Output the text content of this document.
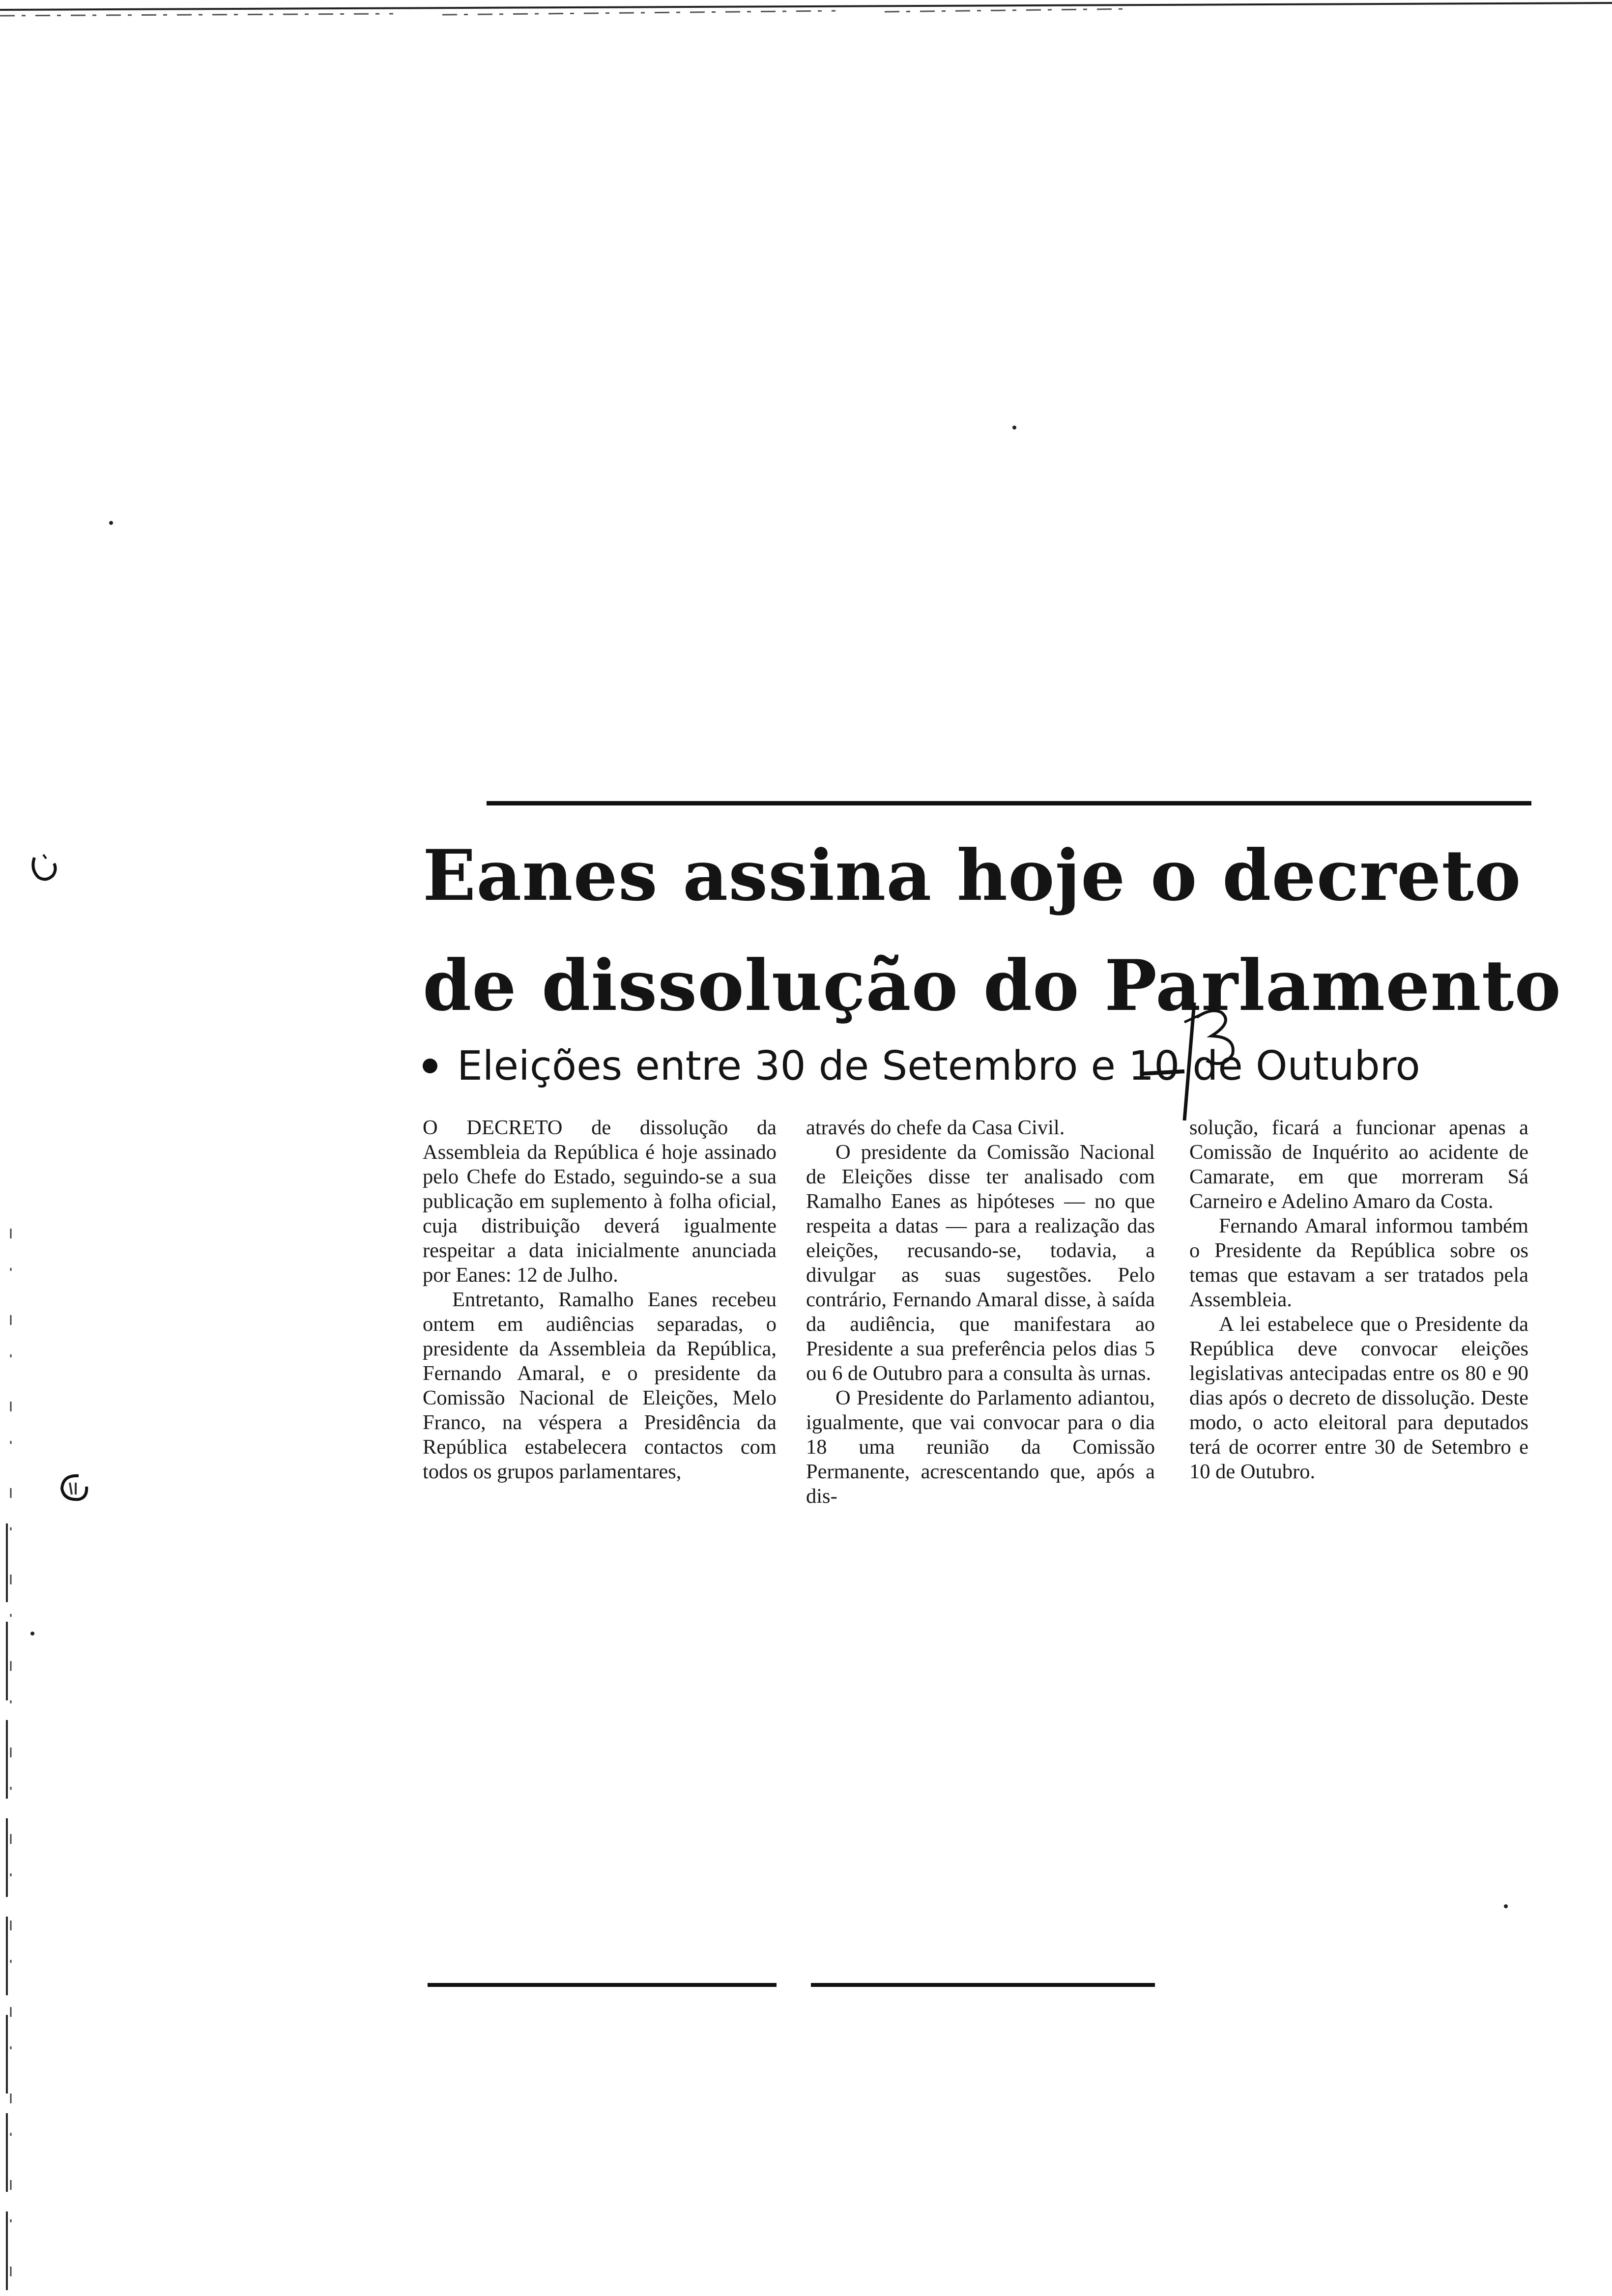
Eanes assina hoje o decreto
de dissolução do Parlamento
Eleições entre 30 de Setembro e 10 de Outubro

O DECRETO de dissolução da Assembleia da República é hoje assinado pelo Chefe do Estado, seguindo-se a sua publicação em suplemento à folha oficial, cuja distribuição deverá igualmente respeitar a data inicialmente anunciada por Eanes: 12 de Julho.

Entretanto, Ramalho Eanes recebeu ontem em audiências separadas, o presidente da Assembleia da República, Fernando Amaral, e o presidente da Comissão Nacional de Eleições, Melo Franco, na véspera a Presidência da República estabelecera contactos com todos os grupos parlamentares,

através do chefe da Casa Civil.

O presidente da Comissão Nacional de Eleições disse ter analisado com Ramalho Eanes as hipóteses — no que respeita a datas — para a realização das eleições, recusando-se, todavia, a divulgar as suas sugestões. Pelo contrário, Fernando Amaral disse, à saída da audiência, que manifestara ao Presidente a sua preferência pelos dias 5 ou 6 de Outubro para a consulta às urnas.

O Presidente do Parlamento adiantou, igualmente, que vai convocar para o dia 18 uma reunião da Comissão Permanente, acrescentando que, após a dis-

solução, ficará a funcionar apenas a Comissão de Inquérito ao acidente de Camarate, em que morreram Sá Carneiro e Adelino Amaro da Costa.

Fernando Amaral informou também o Presidente da República sobre os temas que estavam a ser tratados pela Assembleia.

A lei estabelece que o Presidente da República deve convocar eleições legislativas antecipadas entre os 80 e 90 dias após o decreto de dissolução. Deste modo, o acto eleitoral para deputados terá de ocorrer entre 30 de Setembro e 10 de Outubro.
